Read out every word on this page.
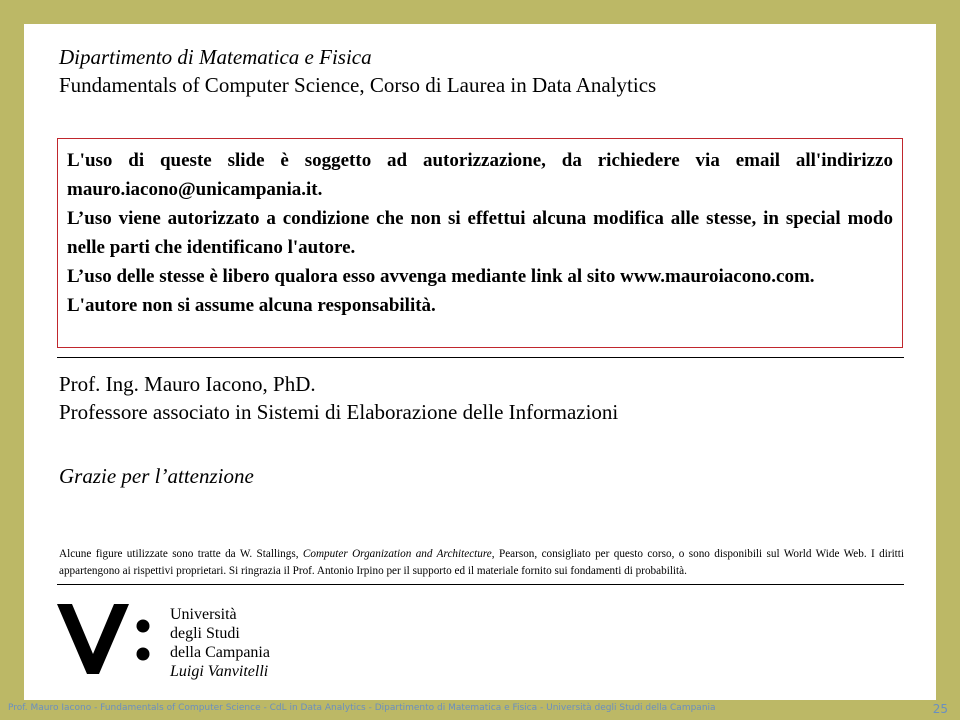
Dipartimento di Matematica e Fisica
Fundamentals of Computer Science, Corso di Laurea in Data Analytics

L'uso di queste slide è soggetto ad autorizzazione, da richiedere via email all'indirizzo mauro.iacono@unicampania.it.

L’uso viene autorizzato a condizione che non si effettui alcuna modifica alle stesse, in special modo nelle parti che identificano l'autore.

L’uso delle stesse è libero qualora esso avvenga mediante link al sito www.mauroiacono.com.

L'autore non si assume alcuna responsabilità.

Prof. Ing. Mauro Iacono, PhD.
Professore associato in Sistemi di Elaborazione delle Informazioni
Grazie per l’attenzione
Alcune figure utilizzate sono tratte da W. Stallings, Computer Organization and Architecture, Pearson, consigliato per questo corso, o sono disponibili sul World Wide Web. I diritti appartengono ai rispettivi proprietari. Si ringrazia il Prof. Antonio Irpino per il supporto ed il materiale fornito sui fondamenti di probabilità.
Università
degli Studi
della Campania
Luigi Vanvitelli
Prof. Mauro Iacono - Fundamentals of Computer Science - CdL in Data Analytics - Dipartimento di Matematica e Fisica - Università degli Studi della Campania	25
